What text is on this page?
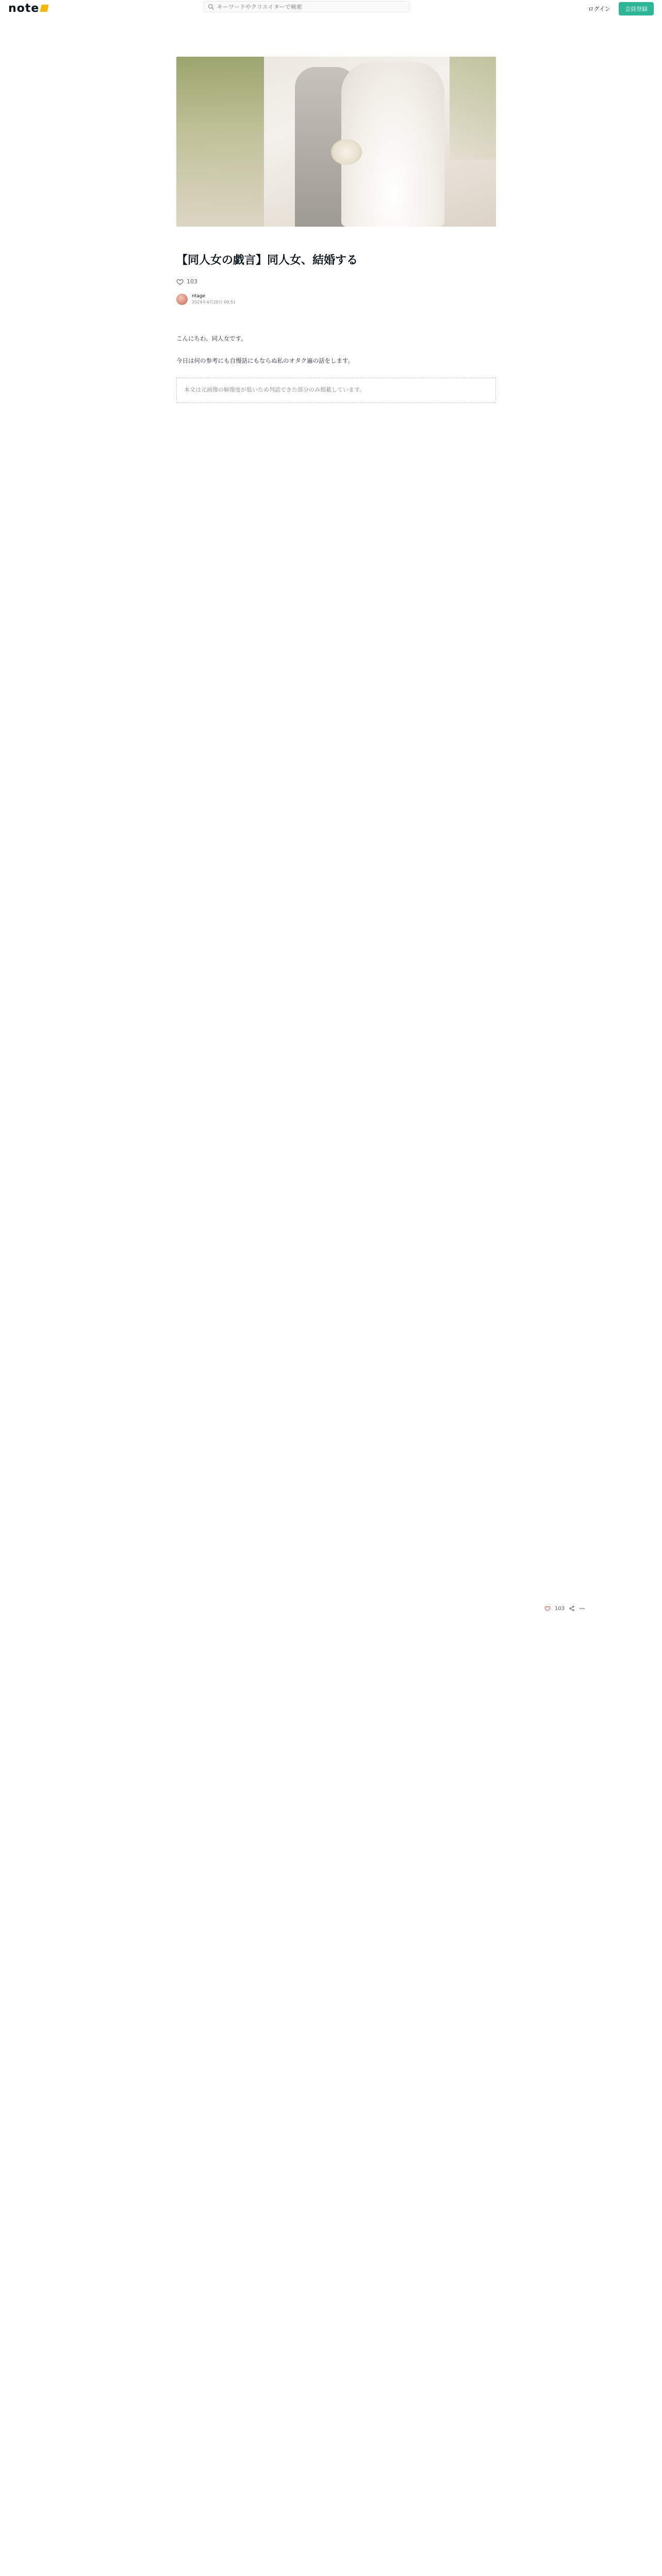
note
キーワードやクリエイターで検索	ログイン	会員登録
【同人女の戯言】同人女、結婚する
103
ntage
2024年4月20日 00:51

こんにちわ、同人女です。

今日は何の参考にも自慢話にもならぬ私のオタク遍の話をします。

本文は元画像の解像度が低いため判読できた部分のみ掲載しています。
103
